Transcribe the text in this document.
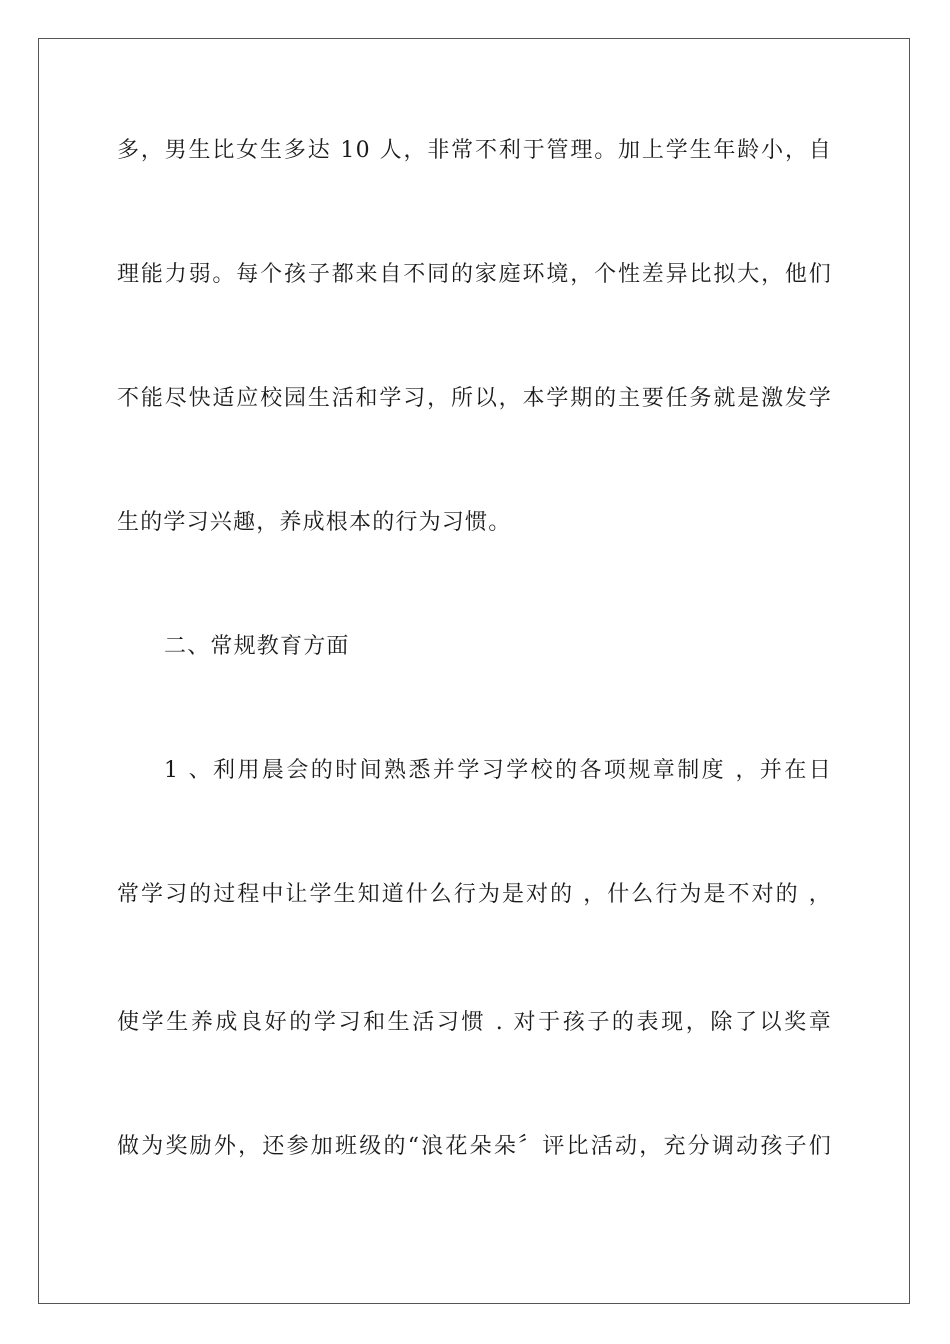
多，男生比女生多达 10 人，非常不利于管理。加上学生年龄小，自
理能力弱。每个孩子都来自不同的家庭环境，个性差异比拟大，他们
不能尽快适应校园生活和学习，所以，本学期的主要任务就是激发学
生的学习兴趣，养成根本的行为习惯。
二、常规教育方面
1 、利用晨会的时间熟悉并学习学校的各项规章制度 ，并在日
常学习的过程中让学生知道什么行为是对的 ，什么行为是不对的 ，
使学生养成良好的学习和生活习惯 . 对于孩子的表现，除了以奖章
做为奖励外，还参加班级的“浪花朵朵〞评比活动，充分调动孩子们
